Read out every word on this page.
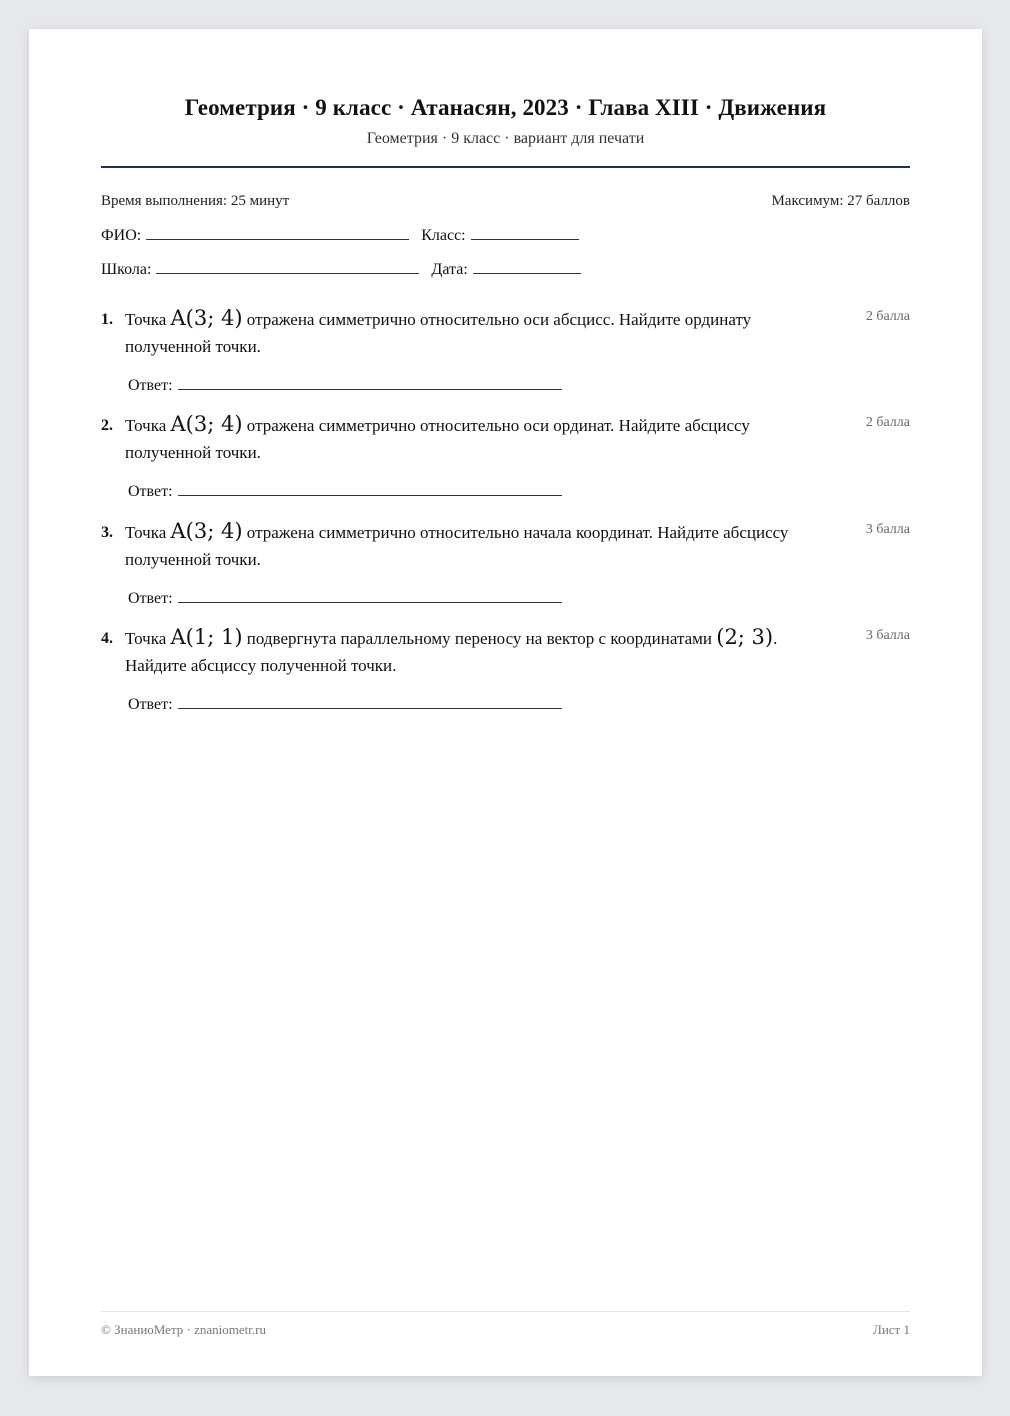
Геометрия · 9 класс · Атанасян, 2023 · Глава XIII · Движения
Геометрия · 9 класс · вариант для печати
Время выполнения: 25 минут	Максимум: 27 баллов
ФИО:	Класс:
Школа:	Дата:
1. Точка A(3; 4) отражена симметрично относительно оси абсцисс. Найдите ординату полученной точки.
2 балла
Ответ:
2. Точка A(3; 4) отражена симметрично относительно оси ординат. Найдите абсциссу полученной точки.
2 балла
Ответ:
3. Точка A(3; 4) отражена симметрично относительно начала координат. Найдите абсциссу полученной точки.
3 балла
Ответ:
4. Точка A(1; 1) подвергнута параллельному переносу на вектор с координатами (2; 3). Найдите абсциссу полученной точки.
3 балла
Ответ:
© ЗнаниоМетр · znaniometr.ru	Лист 1
